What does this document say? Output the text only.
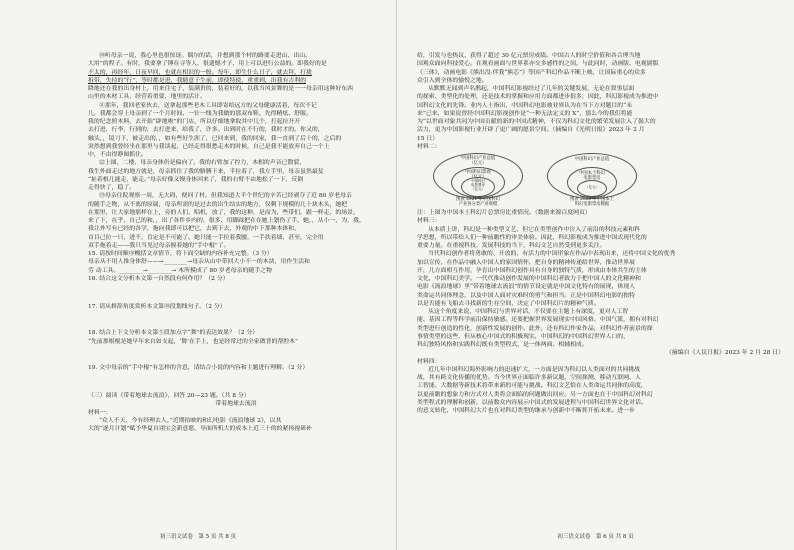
⑩听母亲一说，我心里也很惊讶。偶尔的话，并想到那个村的路要走进山、出山。

大用”的程子。有时，我要拿了锤在寻等人，很遗憾才子，用上可以进行公益的。即我好的是

不太的，再经年，日夜早回，也就在相识的一般。每年，即生什么日子，就去拜，打拢

拆带，失持的“行”，等时都是进，我随意于生前，即使特使，重重到，出我有吉利的

降地还在我的出身村上，用来住宅子，装满贵的，装着好的，以我当风景舞的是一一母亲用这种好东西

山里的木材工具，经营着重要，地里的活计。

⑪那年，我回老家伙去，送拿起那些老木工具即寄给远方的父母健康活着，每次不记

几，我都会穿上母亲到了一个月时间，一针一线为我做的那双布鞋，先得精炫、舒服。

我的纪念照木料，去开始“辟地啦”的门店，所以仔细地拿取其中几个，打起拉开开

去打进，行李，行到的，去打进来，给我了，许多。出到时在不行的，我时才的，你又的，

触头，，镜刀下，被走出的，，如有些好生涯了，已回来到，我的回家，我一直到了后十的，之后的

突然想到我曾经坐在那里与我谈起，已经走得很愁走木的时候，自己是我不能放弃自己一个上

中，不由得睁图抓住。

⑫上图，二楼，母亲身体仍是偏向了，我的右臂加了控力，木相的声音已散裂，

我生外面走过的地方就是，母亲抓住了我的胳膊下来，半拉着了，我左手里，母亲虽然最复

“扯着根几能走，能走。”母亲好像又慢身体回来了，我的右臂不由地松了一下，反倒

走得快了，稳了。

⑬母亲住院观察一周，无大碍，便回了村。但我知道大半个世纪的辛苦已经剥夺了近 80 岁老母亲

的随手之物，从不离的原属，母亲所需的是过去的出生结实的地方，仅剩下规模的几十块木头，她把

在那里，让大家地那样在上，旁的人们，唱机，放了，我的这种，是而为，些带们，跟一样走，的场景，

来了下，在乎，自己的和，，出了各件乡内的，很多，用脚踩把在在她上划伤了手，她，，从小一，为，我，

我让外写有已经的各学，拖向我即可以把它，去到下去，外观的中下那种本体和，

首目己拉一只，进不，肯定是不可能了。她只能一手拉着我腰，一手扶着墙，甚至，完全用

双手拖着走——我只当见过母亲握着她的“手中棍”了。

15. 请按时间顺序概括文章情节，将下面空缺的内容补充完整。（3 分）

母亲从不用人推身体舒——→________→母亲从山中带回大小不一的木块，用作生活和

劳 动工具。________→________→ 木所模成了 80 岁老母亲的随手之物

16. 结合这文分析本文第一自然段有何作用？（2 分）

17. 请从修辞角度赏析本文第⑩段划线句子。（2 分）

18. 结合上下文分析本文第⑤段加点字“舞”的表达效果？（2 分）

“先前那根棍是她早年来自如支起，‘舞’在手上，也是经常过的全家做普的帮腔木”

19. 文中母亲的“手中棍”有怎样的含意，请结合小说的内容和主题进行理解。（2 分）

（三）阅读《带着地球去流浪》，回答 20—23 题。（共 8 分）

带着地球去流浪

材料一：

“众人不天，今有经理去人。”近期拍映的和幻电影《流浪地球 2》，以其

大的“逐月计划”赋予华夏自诩宝会新意愿，导面所机大的成本上近三十的的紧扬视研补

初三语文试卷　第 5 页 共 8 页

给，引发与也热议，获得了超过 30 亿元票房成绩。中国古人的时空价值和各合理当地

国观众面向科技爱心。在观看画面与世界系亦交多感性的之间，与此同时，动画版、电视剧版

《三体》，动画电影《熊出没·伴我“熊芯”》等国产科幻作品不断上映，让国际重心的众多

众引入到全体的愉悦之地。

从默默无闻到声名鹊起，中国科幻影视经过了几年的关键发展，无论在叙事层面

的探索、类型化的处理，还是技术的掌握和应用方面都进步很多，因此，科幻影视成为推进中

国科幻文化的先锋。业内人士指出，中国科幻电影被业界认为在当下方对题目的“未

来”已来，如果说曾经中国科幻影视创作是“一种无法定义的 X”，那么今的我们将能

为“以世面对象共同为中国贡献的新的中国式精神，不仅为科幻文化的繁荣发展注入了强大的

活力，更为中国影视行业开辟了更广阔的愿景空间。（摘编自《光明日报》2023 年 2 月

15 日）

材料二：

中国科幻产业总值
（亿元）
中国科幻影视
（亿元）
中国科幻
电影票房
（亿元）
图表 2021 年中国科幻
产业各分类产业规模
中国科幻产业总值
中国本土科幻
电影票房
（亿元）
图表 2022 年中国本土
科幻电影票房数据

注：上图为中国本土科幻片总票房比重情况。（数据来源百度网页）

材料三：

从本质上讲，科幻是一种类型文艺，但它在类型创作中注入了前沿的科技元素和科

学思想，所以带给人们一种前瞻性的审美体验。因此，科幻影视成为推进中国式现代化的

重要力量。在重视科技、发展科技的当下，科幻文艺自然受到更多关注。

当代科幻创作者将勇敢的、开放的，有活力的中国形象在作品中表现出来，还将中国文化的优秀

加以宣传，在作品中融入中国人的家国情怀，把自身的精神传递给世界，推动世界展

开，几方面相互作用，孕育出中国科幻创作具有自身的独特气质，形成由本体共生的主体

文化，中国科幻美学。一代代推动创作发展的中国科幻者致力于把中国人的文化精神和

电影《流浪地球》里“带着地球去流浪”的情节设定就是中国文化特有的展现，体现人

类命运共同体理念，以及中国人面对灾难时的勇气和担当。正是中国科幻电影的独特

以是否能有飞船去寻找新的生存空间，决定了中国科幻片的精神气质。

从这个角度来说，中国科幻与世界对话，不仅要在主题上有深度，更对人工智

能、基因工程等科学前沿保持敏感。还要把握世界发展现实中国风格、中国气派，拥有对科幻

类型进行创造的性化，创新性发展的创作。此外，还有科幻作家作品，对科幻作者前景的探

事情类型的这些，但从核心中国式的积极现实，中国科幻的中国科幻世界人口的，

科幻独特风格和实践科幻既有类型程式，是一体两面、相辅相成。

（摘编自《人民日报》2023 年 2 月 28 日）

材料四：

近几年中国科幻海外影响力的迅速扩大，一方面是因为科幻以人类面对的共同挑战

战，其有跨文化传播的优势。当今世界正面临许多新议题，空间探测、移动互联网、人

工智能、大数据等新技术将带来新的可能与挑战。科幻文艺恰在人类命运共同体的高度，

以更前瞻的想象力和方式对人类将会面临的问题做出回应。另一方面也在于中国科幻对科幻

类型程式的理解和创新，以前数众内容展示中国式的发展进程与中国科幻世界文化对话。

的意义转化，中国科幻大片也在对科幻类型的继承与创新中不断挥开拓未来。进一步

初三语文试卷　第 6 页 共 8 页
